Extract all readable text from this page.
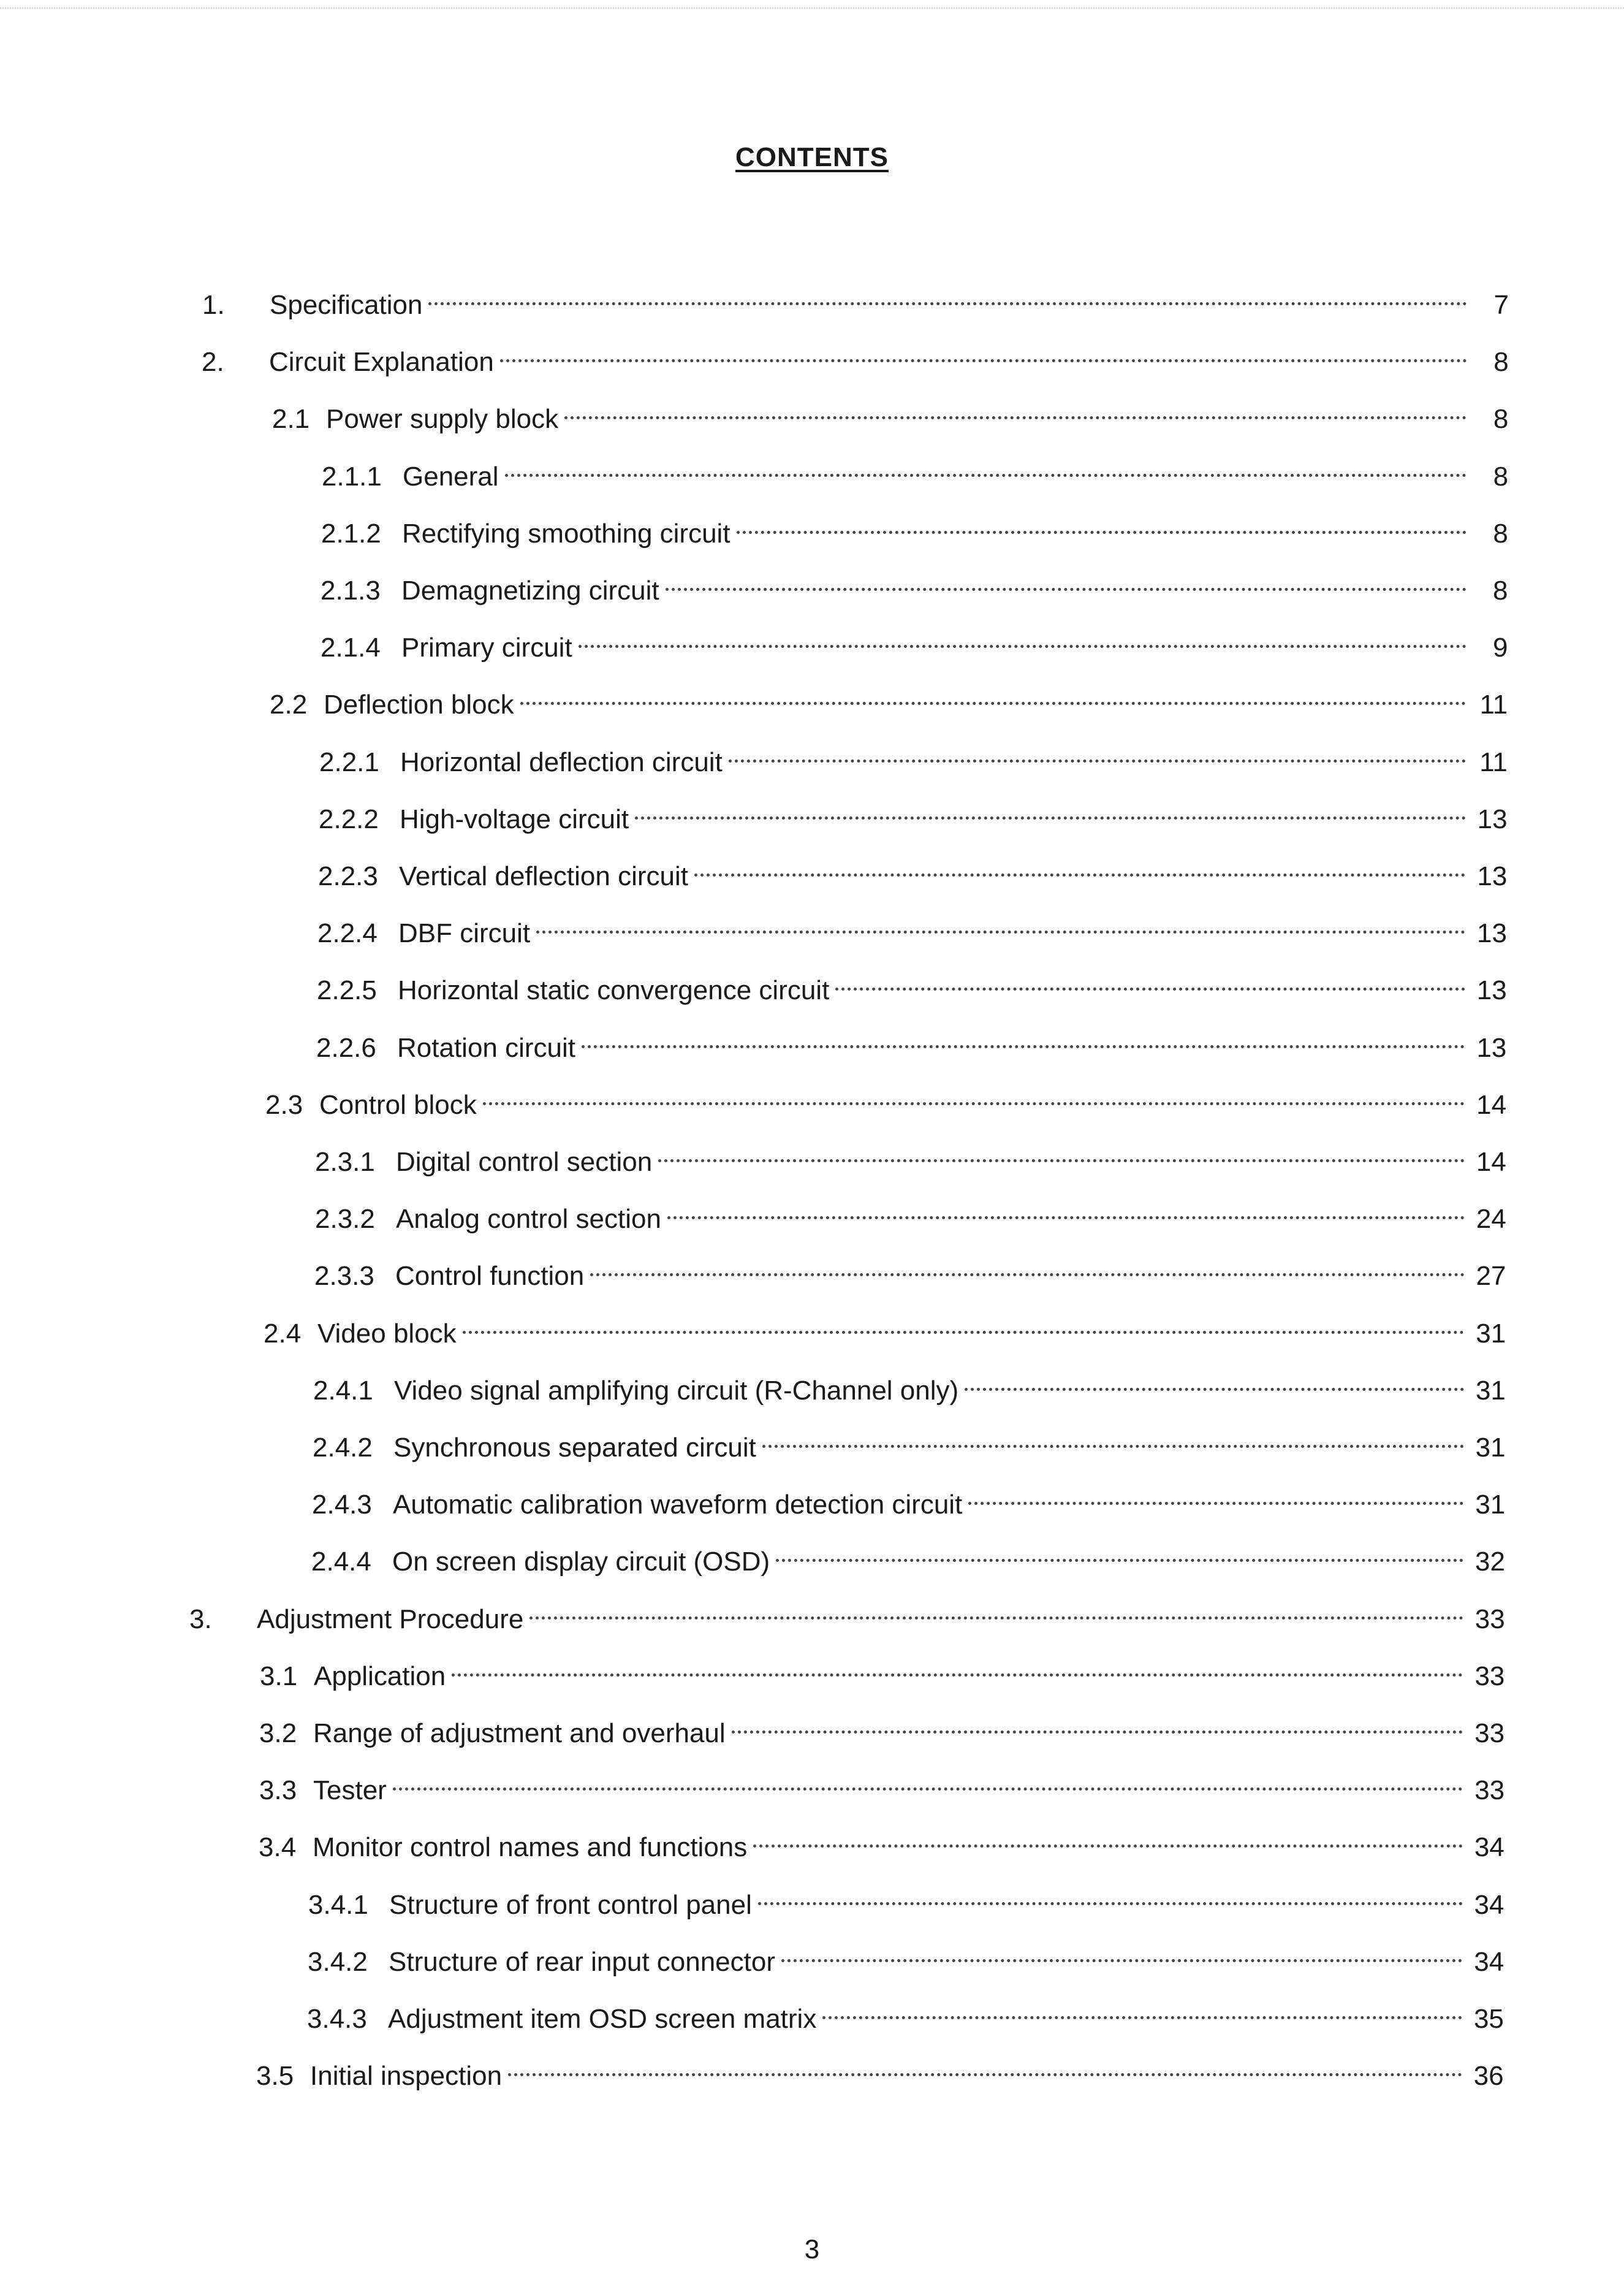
CONTENTS
1.	Specification	7
2.	Circuit Explanation	8
2.1 Power supply block	8
2.1.1 General	8
2.1.2 Rectifying smoothing circuit	8
2.1.3 Demagnetizing circuit	8
2.1.4 Primary circuit	9
2.2 Deflection block	11
2.2.1 Horizontal deflection circuit	11
2.2.2 High-voltage circuit	13
2.2.3 Vertical deflection circuit	13
2.2.4 DBF circuit	13
2.2.5 Horizontal static convergence circuit	13
2.2.6 Rotation circuit	13
2.3 Control block	14
2.3.1 Digital control section	14
2.3.2 Analog control section	24
2.3.3 Control function	27
2.4 Video block	31
2.4.1 Video signal amplifying circuit (R-Channel only)	31
2.4.2 Synchronous separated circuit	31
2.4.3 Automatic calibration waveform detection circuit	31
2.4.4 On screen display circuit (OSD)	32
3.	Adjustment Procedure	33
3.1 Application	33
3.2 Range of adjustment and overhaul	33
3.3 Tester	33
3.4 Monitor control names and functions	34
3.4.1 Structure of front control panel	34
3.4.2 Structure of rear input connector	34
3.4.3 Adjustment item OSD screen matrix	35
3.5 Initial inspection	36
3
